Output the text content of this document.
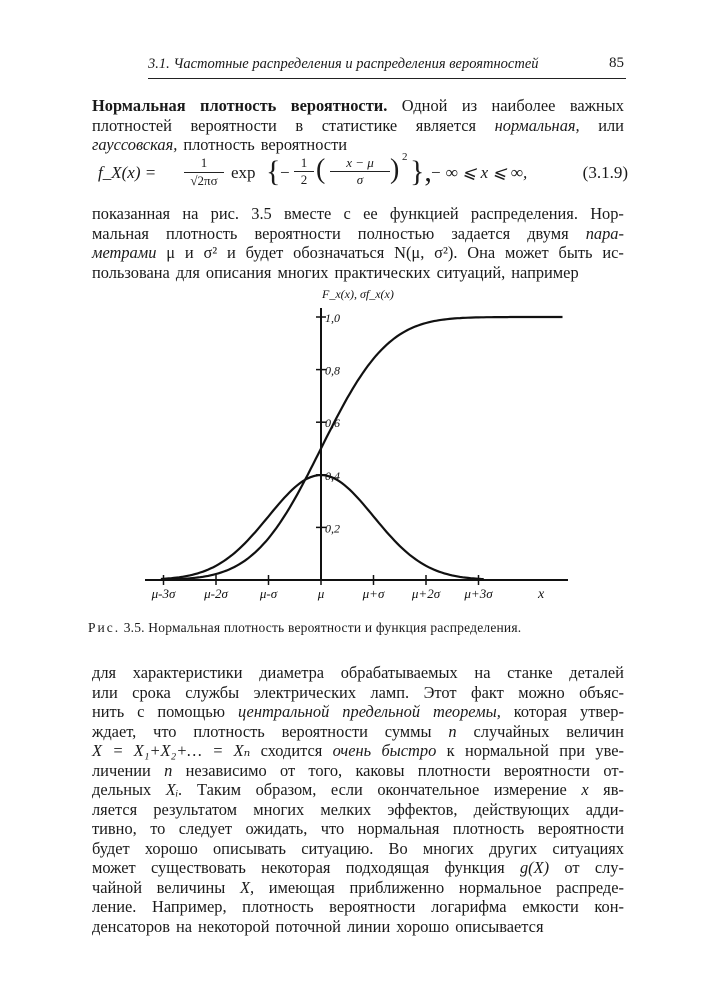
3.1. Частотные распределения и распределения вероятностей	85
Нормальная плотность вероятности. Одной из наиболее важных
плотностей вероятности в статистике является нормальная, или
гауссовская, плотность вероятности
f_X(x) = $\frac{1}{√2\pi\sigma}$ exp { − $\frac{1}{2}$ ( $\frac{x - \mu}{\sigma}$ ) 2 },
− ∞ ⩽ x ⩽ ∞,	(3.1.9)
показанная на рис. 3.5 вместе с ее функцией распределения. Нор-
мальная плотность вероятности полностью задается двумя пара-
метрами μ и σ² и будет обозначаться N(μ, σ²). Она может быть ис-
пользована для описания многих практических ситуаций, например
F_x(x), σf_x(x)
x
μ-3σ μ-2σ μ-σ	μ	μ+σ μ+2σ μ+3σ
0,2
0,4
0,6
0,8
1,0
Рис. 3.5. Нормальная плотность вероятности и функция распределения.
для характеристики диаметра обрабатываемых на станке деталей
или срока службы электрических ламп. Этот факт можно объяс-
нить с помощью центральной предельной теоремы, которая утвер-
ждает, что плотность вероятности суммы n случайных величин
X = X₁+X₂+… = Xₙ сходится очень быстро к нормальной при уве-
личении n независимо от того, каковы плотности вероятности от-
дельных Xᵢ. Таким образом, если окончательное измерение x яв-
ляется результатом многих мелких эффектов, действующих адди-
тивно, то следует ожидать, что нормальная плотность вероятности
будет хорошо описывать ситуацию. Во многих других ситуациях
может существовать некоторая подходящая функция g(X) от слу-
чайной величины X, имеющая приближенно нормальное распреде-
ление. Например, плотность вероятности логарифма емкости кон-
денсаторов на некоторой поточной линии хорошо описывается
